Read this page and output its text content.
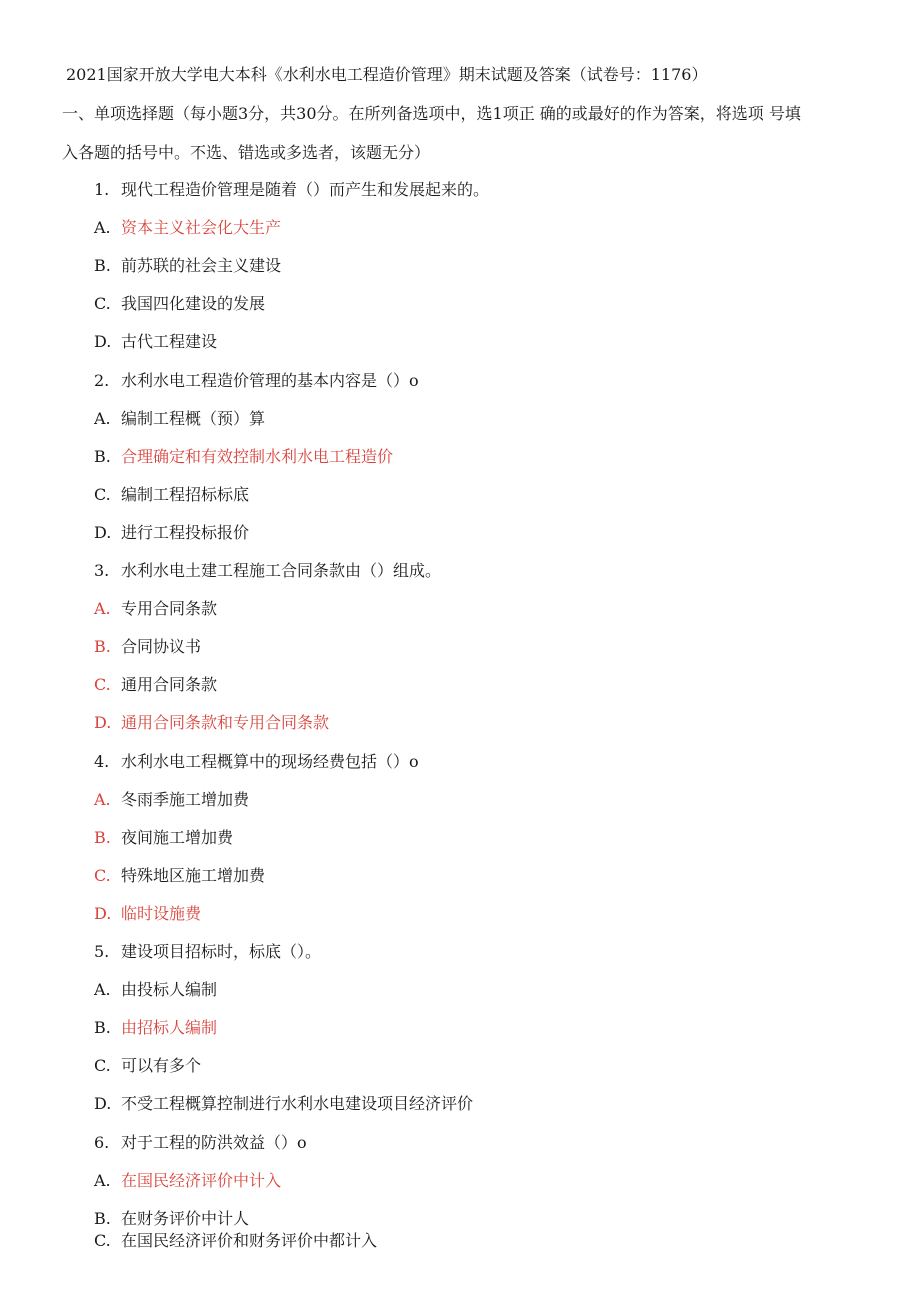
2021国家开放大学电大本科《水利水电工程造价管理》期末试题及答案（试卷号：1176）
一、单项选择题（每小题3分，共30分。在所列备选项中，选1项正 确的或最好的作为答案，将选项 号填
入各题的括号中。不选、错选或多选者，该题无分）
1. 现代工程造价管理是随着（）而产生和发展起来的。
A. 资本主义社会化大生产
B. 前苏联的社会主义建设
C. 我国四化建设的发展
D. 古代工程建设
2. 水利水电工程造价管理的基本内容是（）o
A. 编制工程概（预）算
B. 合理确定和有效控制水利水电工程造价
C. 编制工程招标标底
D. 进行工程投标报价
3. 水利水电土建工程施工合同条款由（）组成。
A. 专用合同条款
B. 合同协议书
C. 通用合同条款
D. 通用合同条款和专用合同条款
4. 水利水电工程概算中的现场经费包括（）o
A. 冬雨季施工增加费
B. 夜间施工增加费
C. 特殊地区施工增加费
D. 临时设施费
5. 建设项目招标时，标底（）。
A. 由投标人编制
B. 由招标人编制
C. 可以有多个
D. 不受工程概算控制进行水利水电建设项目经济评价
6. 对于工程的防洪效益（）o
A. 在国民经济评价中计入
B. 在财务评价中计人
C. 在国民经济评价和财务评价中都计入
